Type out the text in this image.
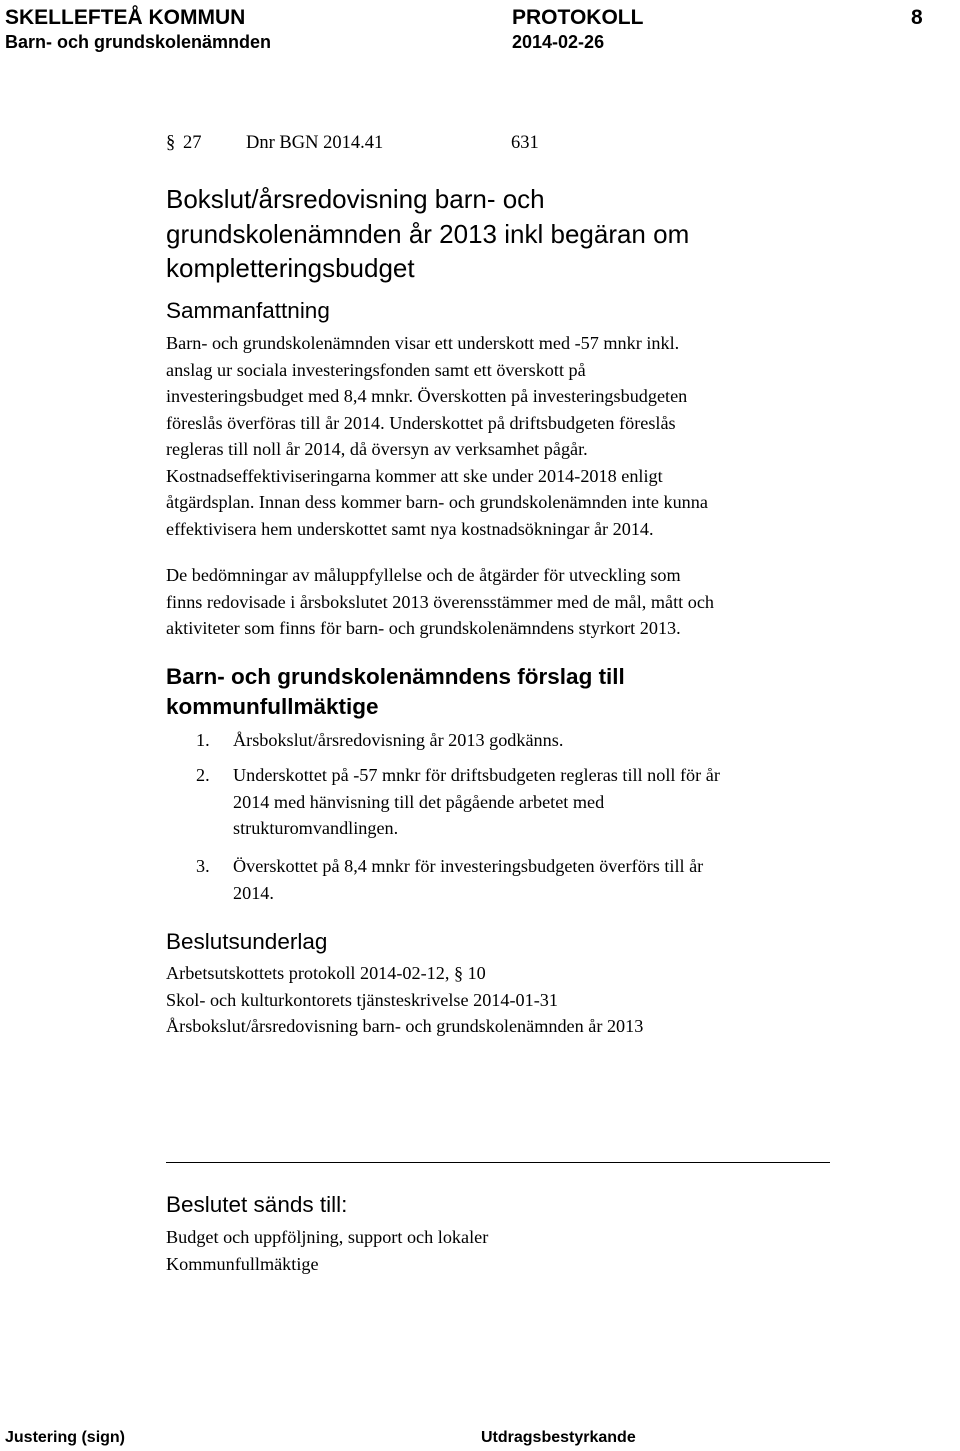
SKELLEFTEÅ KOMMUN	PROTOKOLL	8
Barn- och grundskolenämnden	2014-02-26
§ 27 Dnr BGN 2014.41	631

Bokslut/årsredovisning barn- och

grundskolenämnden år 2013 inkl begäran om

kompletteringsbudget

Sammanfattning

Barn- och grundskolenämnden visar ett underskott med -57 mnkr inkl.

anslag ur sociala investeringsfonden samt ett överskott på

investeringsbudget med 8,4 mnkr. Överskotten på investeringsbudgeten

föreslås överföras till år 2014. Underskottet på driftsbudgeten föreslås

regleras till noll år 2014, då översyn av verksamhet pågår.

Kostnadseffektiviseringarna kommer att ske under 2014-2018 enligt

åtgärdsplan. Innan dess kommer barn- och grundskolenämnden inte kunna

effektivisera hem underskottet samt nya kostnadsökningar år 2014.

De bedömningar av måluppfyllelse och de åtgärder för utveckling som

finns redovisade i årsbokslutet 2013 överensstämmer med de mål, mått och

aktiviteter som finns för barn- och grundskolenämndens styrkort 2013.

Barn- och grundskolenämndens förslag till

kommunfullmäktige

1. Årsbokslut/årsredovisning år 2013 godkänns.
2. Underskottet på -57 mnkr för driftsbudgeten regleras till noll för år
2014 med hänvisning till det pågående arbetet med
strukturomvandlingen.
3. Överskottet på 8,4 mnkr för investeringsbudgeten överförs till år
2014.

Beslutsunderlag

Arbetsutskottets protokoll 2014-02-12, § 10

Skol- och kulturkontorets tjänsteskrivelse 2014-01-31

Årsbokslut/årsredovisning barn- och grundskolenämnden år 2013

Beslutet sänds till:

Budget och uppföljning, support och lokaler

Kommunfullmäktige

Justering (sign)	Utdragsbestyrkande
